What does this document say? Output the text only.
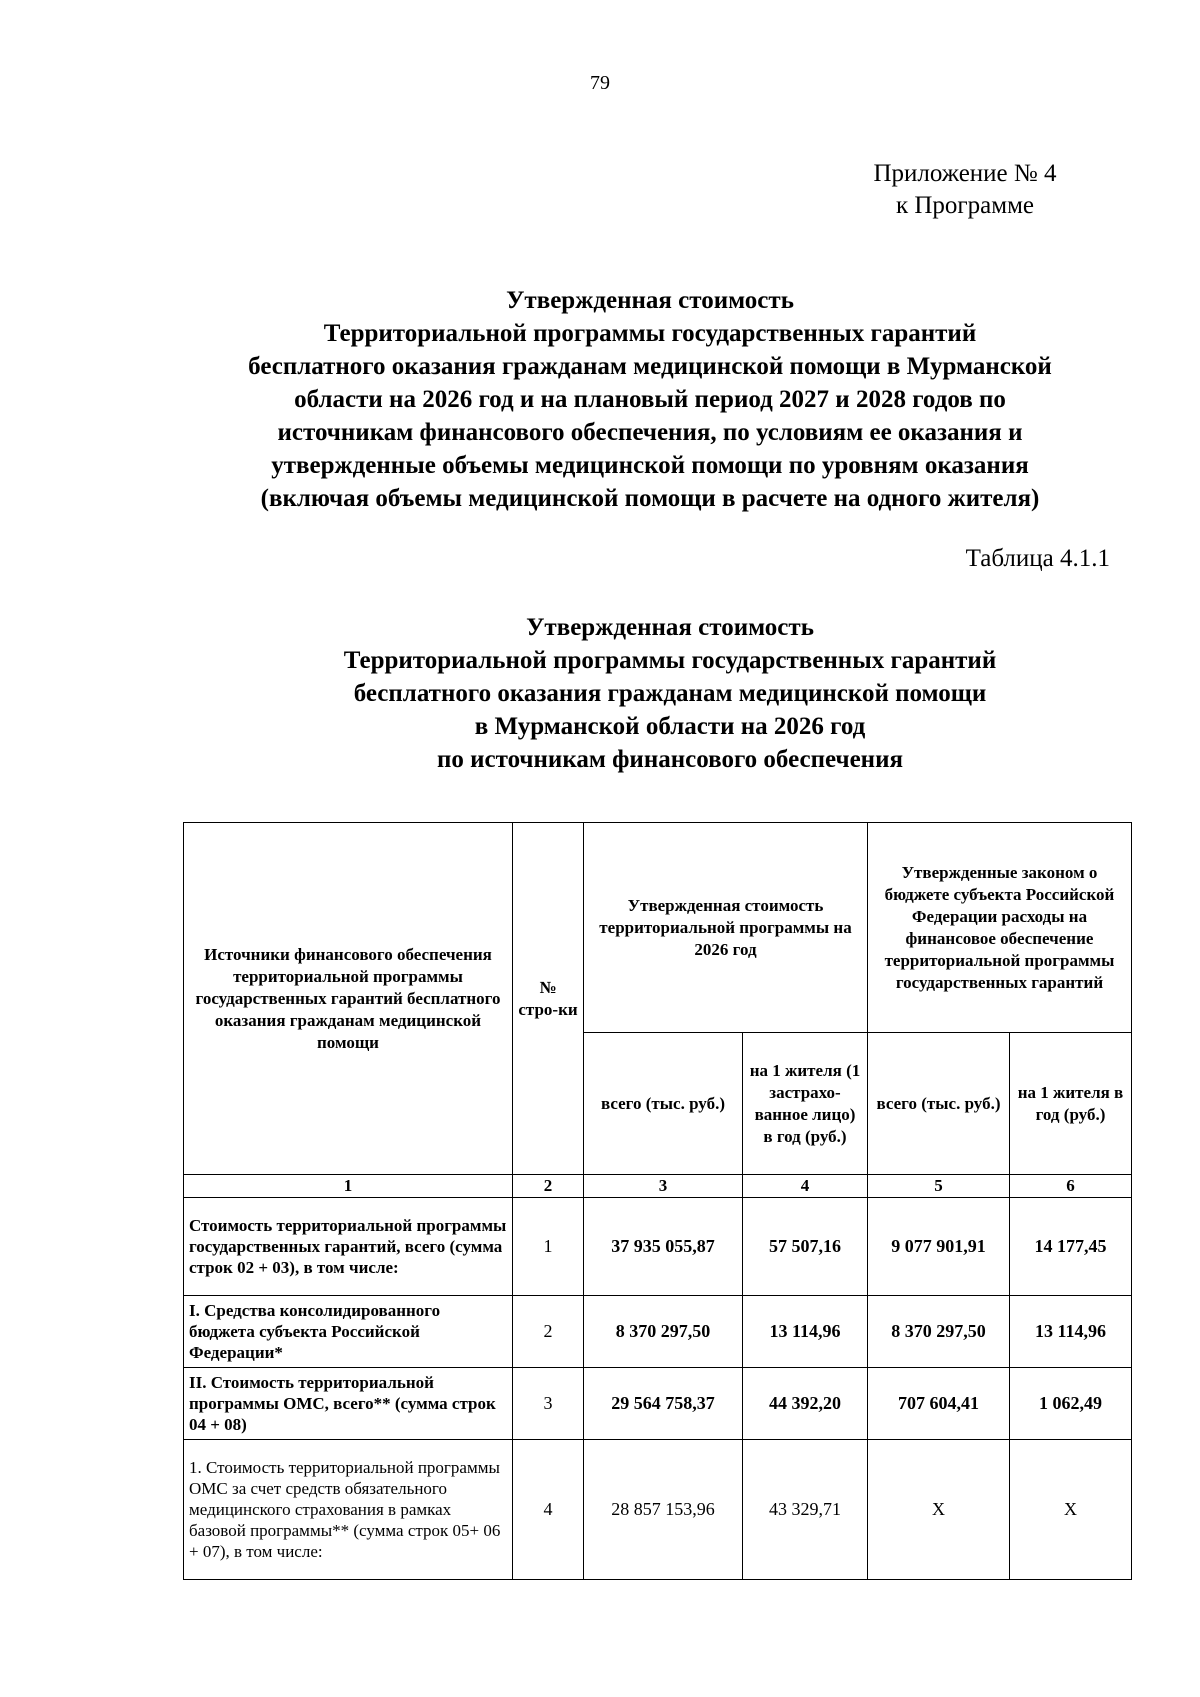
79
Приложение № 4
к Программе
Утвержденная стоимость
Территориальной программы государственных гарантий
бесплатного оказания гражданам медицинской помощи в Мурманской
области на 2026 год и на плановый период 2027 и 2028 годов по
источникам финансового обеспечения, по условиям ее оказания и
утвержденные объемы медицинской помощи по уровням оказания
(включая объемы медицинской помощи в расчете на одного жителя)
Таблица 4.1.1
Утвержденная стоимость
Территориальной программы государственных гарантий
бесплатного оказания гражданам медицинской помощи
в Мурманской области на 2026 год
по источникам финансового обеспечения
Источники финансового обеспечения территориальной программы государственных гарантий бесплатного оказания гражданам медицинской помощи	№ стро-ки	Утвержденная стоимость территориальной программы на 2026 год		Утвержденные законом о бюджете субъекта Российской Федерации расходы на финансовое обеспечение территориальной программы государственных гарантий	
		всего (тыс. руб.)	на 1 жителя (1 застрахо-ванное лицо) в год (руб.)	всего (тыс. руб.)	на 1 жителя в год (руб.)
1	2	3	4	5	6
Стоимость территориальной программы государственных гарантий, всего (сумма строк 02 + 03), в том числе:	1	37 935 055,87	57 507,16	9 077 901,91	14 177,45
I. Средства консолидированного бюджета субъекта Российской Федерации*	2	8 370 297,50	13 114,96	8 370 297,50	13 114,96
II. Стоимость территориальной программы ОМС, всего** (сумма строк 04 + 08)	3	29 564 758,37	44 392,20	707 604,41	1 062,49
1. Стоимость территориальной программы ОМС за счет средств обязательного медицинского страхования в рамках базовой программы** (сумма строк 05+ 06 + 07), в том числе:	4	28 857 153,96	43 329,71	Х	Х
